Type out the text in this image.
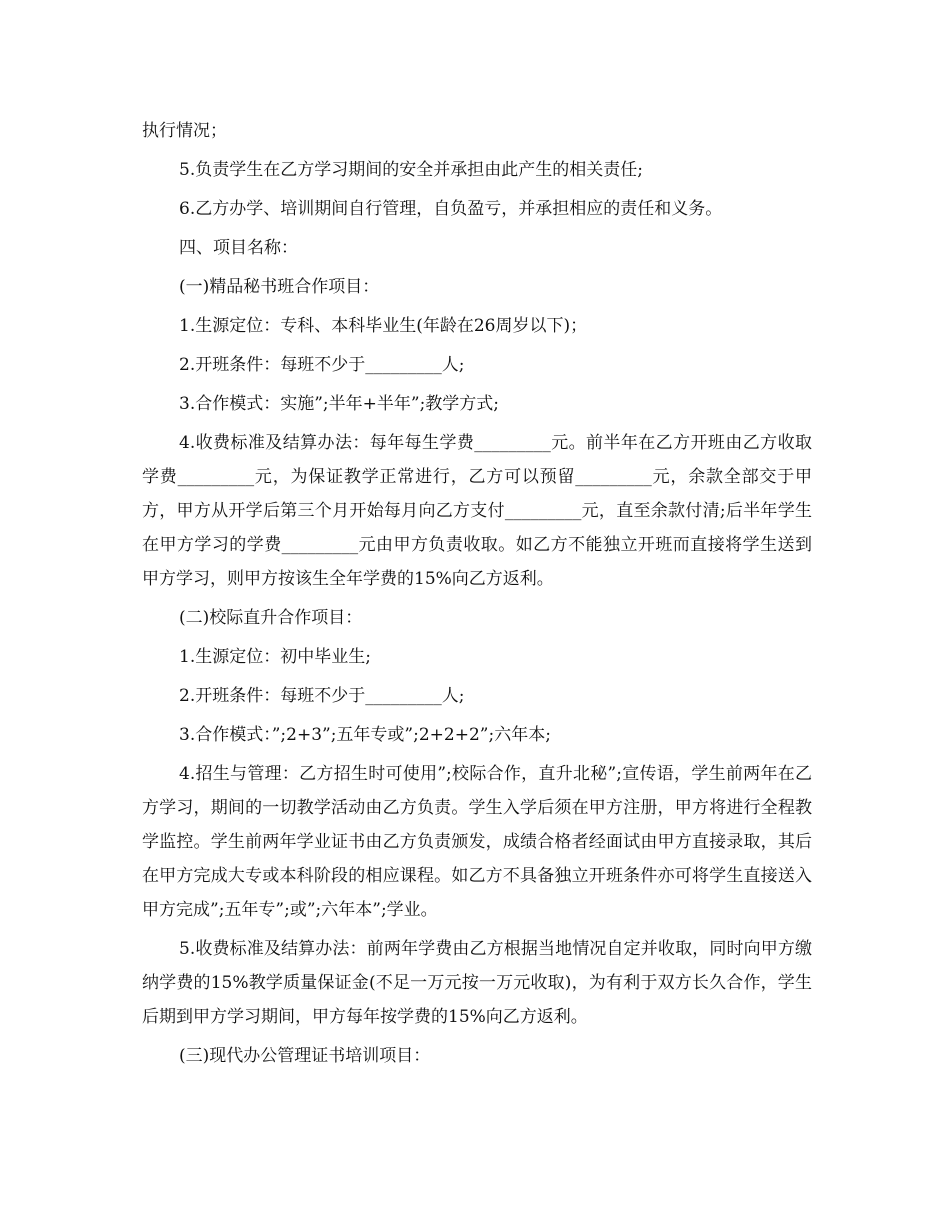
执行情况；

5.负责学生在乙方学习期间的安全并承担由此产生的相关责任;

6.乙方办学、培训期间自行管理，自负盈亏，并承担相应的责任和义务。

四、项目名称：

(一)精品秘书班合作项目：

1.生源定位：专科、本科毕业生(年龄在26周岁以下)；

2.开班条件：每班不少于_________人;

3.合作模式：实施”;半年+半年”;教学方式;

4.收费标准及结算办法：每年每生学费_________元。前半年在乙方开班由乙方收取学费_________元，为保证教学正常进行，乙方可以预留_________元，余款全部交于甲方，甲方从开学后第三个月开始每月向乙方支付_________元，直至余款付清;后半年学生在甲方学习的学费_________元由甲方负责收取。如乙方不能独立开班而直接将学生送到甲方学习，则甲方按该生全年学费的15%向乙方返利。

(二)校际直升合作项目：

1.生源定位：初中毕业生;

2.开班条件：每班不少于_________人;

3.合作模式：”;2+3”;五年专或”;2+2+2”;六年本;

4.招生与管理：乙方招生时可使用”;校际合作，直升北秘”;宣传语，学生前两年在乙方学习，期间的一切教学活动由乙方负责。学生入学后须在甲方注册，甲方将进行全程教学监控。学生前两年学业证书由乙方负责颁发，成绩合格者经面试由甲方直接录取，其后在甲方完成大专或本科阶段的相应课程。如乙方不具备独立开班条件亦可将学生直接送入甲方完成”;五年专”;或”;六年本”;学业。

5.收费标准及结算办法：前两年学费由乙方根据当地情况自定并收取，同时向甲方缴纳学费的15%教学质量保证金(不足一万元按一万元收取)，为有利于双方长久合作，学生后期到甲方学习期间，甲方每年按学费的15%向乙方返利。

(三)现代办公管理证书培训项目：
